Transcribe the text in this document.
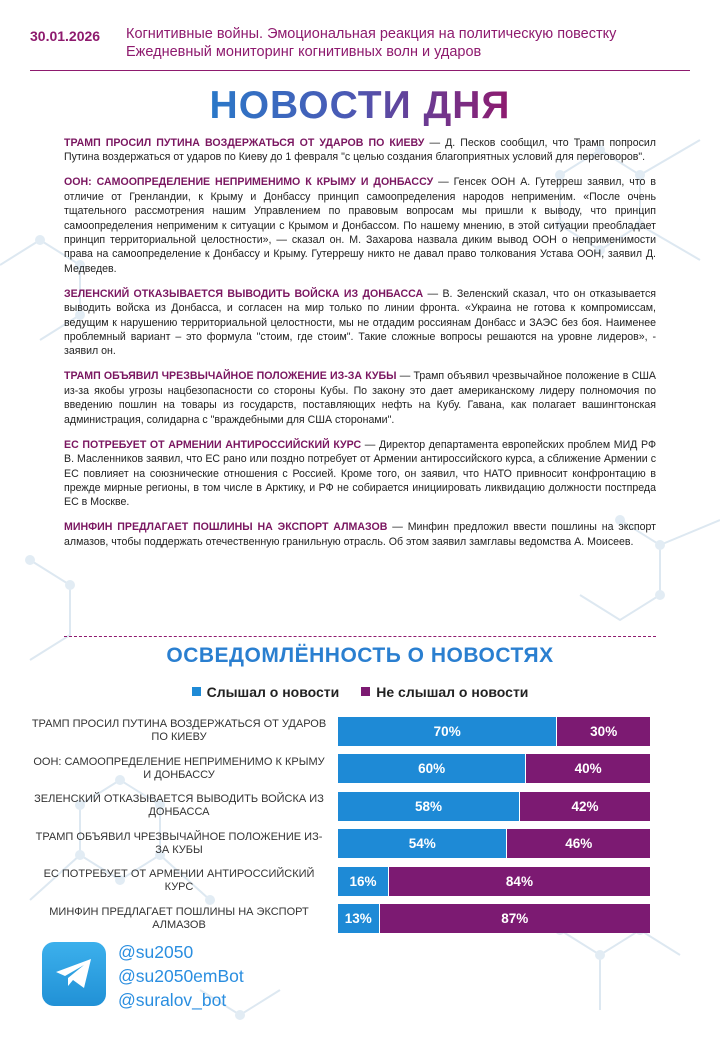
30.01.2026 Когнитивные войны. Эмоциональная реакция на политическую повестку
Ежедневный мониторинг когнитивных волн и ударов
НОВОСТИ ДНЯ

ТРАМП ПРОСИЛ ПУТИНА ВОЗДЕРЖАТЬСЯ ОТ УДАРОВ ПО КИЕВУ — Д. Песков сообщил, что Трамп попросил Путина воздержаться от ударов по Киеву до 1 февраля "с целью создания благоприятных условий для переговоров".

ООН: САМООПРЕДЕЛЕНИЕ НЕПРИМЕНИМО К КРЫМУ И ДОНБАССУ — Генсек ООН А. Гутерреш заявил, что в отличие от Гренландии, к Крыму и Донбассу принцип самоопределения народов неприменим. «После очень тщательного рассмотрения нашим Управлением по правовым вопросам мы пришли к выводу, что принцип самоопределения неприменим к ситуации с Крымом и Донбассом. По нашему мнению, в этой ситуации преобладает принцип территориальной целостности», — сказал он. М. Захарова назвала диким вывод ООН о неприменимости права на самоопределение к Донбассу и Крыму. Гутеррешу никто не давал право толкования Устава ООН, заявил Д. Медведев.

ЗЕЛЕНСКИЙ ОТКАЗЫВАЕТСЯ ВЫВОДИТЬ ВОЙСКА ИЗ ДОНБАССА — В. Зеленский сказал, что он отказывается выводить войска из Донбасса, и согласен на мир только по линии фронта. «Украина не готова к компромиссам, ведущим к нарушению территориальной целостности, мы не отдадим россиянам Донбасс и ЗАЭС без боя. Наименее проблемный вариант – это формула "стоим, где стоим". Такие сложные вопросы решаются на уровне лидеров», - заявил он.

ТРАМП ОБЪЯВИЛ ЧРЕЗВЫЧАЙНОЕ ПОЛОЖЕНИЕ ИЗ-ЗА КУБЫ — Трамп объявил чрезвычайное положение в США из-за якобы угрозы нацбезопасности со стороны Кубы. По закону это дает американскому лидеру полномочия по введению пошлин на товары из государств, поставляющих нефть на Кубу. Гавана, как полагает вашингтонская администрация, солидарна с "враждебными для США сторонами".

ЕС ПОТРЕБУЕТ ОТ АРМЕНИИ АНТИРОССИЙСКИЙ КУРС — Директор департамента европейских проблем МИД РФ В. Масленников заявил, что ЕС рано или поздно потребует от Армении антироссийского курса, а сближение Армении с ЕС повлияет на союзнические отношения с Россией. Кроме того, он заявил, что НАТО привносит конфронтацию в прежде мирные регионы, в том числе в Арктику, и РФ не собирается инициировать ликвидацию должности постпреда ЕС в Москве.

МИНФИН ПРЕДЛАГАЕТ ПОШЛИНЫ НА ЭКСПОРТ АЛМАЗОВ — Минфин предложил ввести пошлины на экспорт алмазов, чтобы поддержать отечественную гранильную отрасль. Об этом заявил замглавы ведомства А. Моисеев.

ОСВЕДОМЛЁННОСТЬ О НОВОСТЯХ
Слышал о новости	Не слышал о новости
ТРАМП ПРОСИЛ ПУТИНА ВОЗДЕРЖАТЬСЯ ОТ УДАРОВ ПО КИЕВУ	70%	30%
ООН: САМООПРЕДЕЛЕНИЕ НЕПРИМЕНИМО К КРЫМУ И ДОНБАССУ	60%	40%
ЗЕЛЕНСКИЙ ОТКАЗЫВАЕТСЯ ВЫВОДИТЬ ВОЙСКА ИЗ ДОНБАССА	58%	42%
ТРАМП ОБЪЯВИЛ ЧРЕЗВЫЧАЙНОЕ ПОЛОЖЕНИЕ ИЗ-ЗА КУБЫ	54%	46%
ЕС ПОТРЕБУЕТ ОТ АРМЕНИИ АНТИРОССИЙСКИЙ КУРС	16%	84%
МИНФИН ПРЕДЛАГАЕТ ПОШЛИНЫ НА ЭКСПОРТ АЛМАЗОВ	13%	87%
@su2050
@su2050emBot
@suralov_bot
